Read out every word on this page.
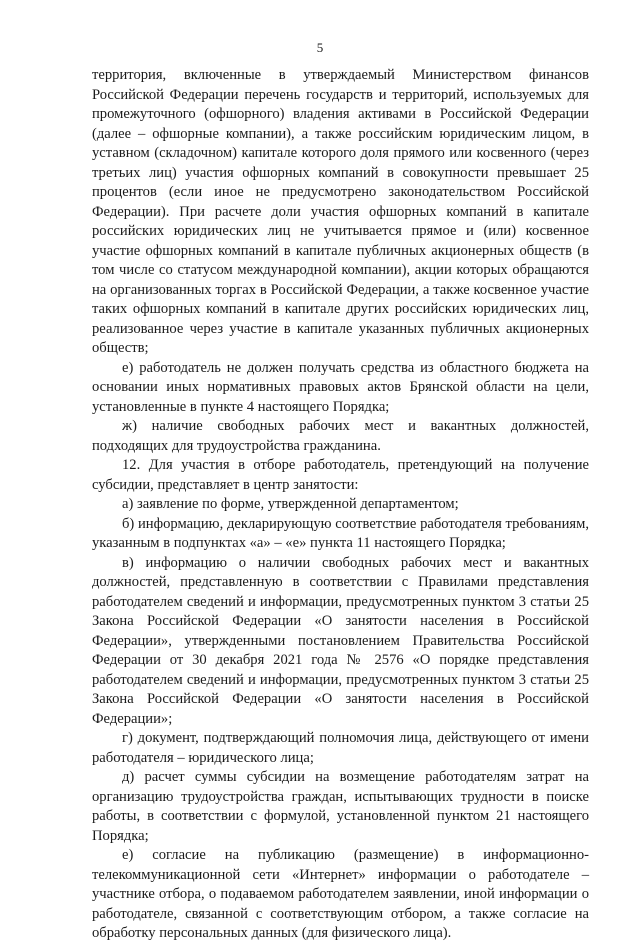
5

территория, включенные в утверждаемый Министерством финансов Российской Федерации перечень государств и территорий, используемых для промежуточного (офшорного) владения активами в Российской Федерации (далее – офшорные компании), а также российским юридическим лицом, в уставном (складочном) капитале которого доля прямого или косвенного (через третьих лиц) участия офшорных компаний в совокупности превышает 25 процентов (если иное не предусмотрено законодательством Российской Федерации). При расчете доли участия офшорных компаний в капитале российских юридических лиц не учитывается прямое и (или) косвенное участие офшорных компаний в капитале публичных акционерных обществ (в том числе со статусом международной компании), акции которых обращаются на организованных торгах в Российской Федерации, а также косвенное участие таких офшорных компаний в капитале других российских юридических лиц, реализованное через участие в капитале указанных публичных акционерных обществ;

е) работодатель не должен получать средства из областного бюджета на основании иных нормативных правовых актов Брянской области на цели, установленные в пункте 4 настоящего Порядка;

ж) наличие свободных рабочих мест и вакантных должностей, подходящих для трудоустройства гражданина.

12. Для участия в отборе работодатель, претендующий на получение субсидии, представляет в центр занятости:

а) заявление по форме, утвержденной департаментом;

б) информацию, декларирующую соответствие работодателя требованиям, указанным в подпунктах «а» – «е» пункта 11 настоящего Порядка;

в) информацию о наличии свободных рабочих мест и вакантных должностей, представленную в соответствии с Правилами представления работодателем сведений и информации, предусмотренных пунктом 3 статьи 25 Закона Российской Федерации «О занятости населения в Российской Федерации», утвержденными постановлением Правительства Российской Федерации от 30 декабря 2021 года № 2576 «О порядке представления работодателем сведений и информации, предусмотренных пунктом 3 статьи 25 Закона Российской Федерации «О занятости населения в Российской Федерации»;

г) документ, подтверждающий полномочия лица, действующего от имени работодателя – юридического лица;

д) расчет суммы субсидии на возмещение работодателям затрат на организацию трудоустройства граждан, испытывающих трудности в поиске работы, в соответствии с формулой, установленной пунктом 21 настоящего Порядка;

е) согласие на публикацию (размещение) в информационно-телекоммуникационной сети «Интернет» информации о работодателе – участнике отбора, о подаваемом работодателем заявлении, иной информации о работодателе, связанной с соответствующим отбором, а также согласие на обработку персональных данных (для физического лица).
